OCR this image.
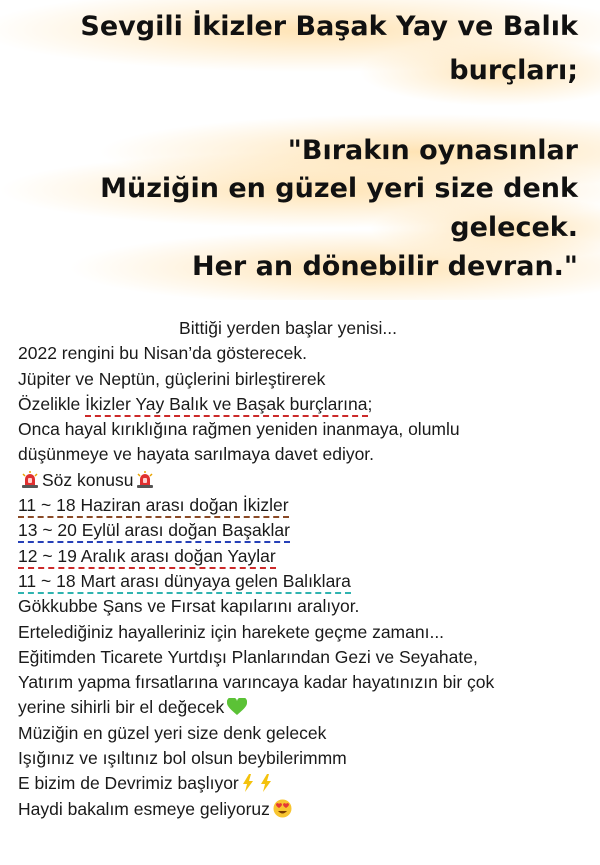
Sevgili İkizler Başak Yay ve Balık

burçları;

"Bırakın oynasınlar

Müziğin en güzel yeri size denk

gelecek.

Her an dönebilir devran."

Bittiği yerden başlar yenisi...
2022 rengini bu Nisan’da gösterecek.
Jüpiter ve Neptün, güçlerini birleştirerek
Özelikle İkizler Yay Balık ve Başak burçlarına;
Onca hayal kırıklığına rağmen yeniden inanmaya, olumlu
düşünmeye ve hayata sarılmaya davet ediyor.
Söz konusu
11 ~ 18 Haziran arası doğan İkizler
13 ~ 20 Eylül arası doğan Başaklar
12 ~ 19 Aralık arası doğan Yaylar
11 ~ 18 Mart arası dünyaya gelen Balıklara
Gökkubbe Şans ve Fırsat kapılarını aralıyor.
Ertelediğiniz hayalleriniz için harekete geçme zamanı...
Eğitimden Ticarete Yurtdışı Planlarından Gezi ve Seyahate,
Yatırım yapma fırsatlarına varıncaya kadar hayatınızın bir çok
yerine sihirli bir el değecek
Müziğin en güzel yeri size denk gelecek
Işığınız ve ışıltınız bol olsun beybilerimmm
E bizim de Devrimiz başlıyor
Haydi bakalım esmeye geliyoruz
